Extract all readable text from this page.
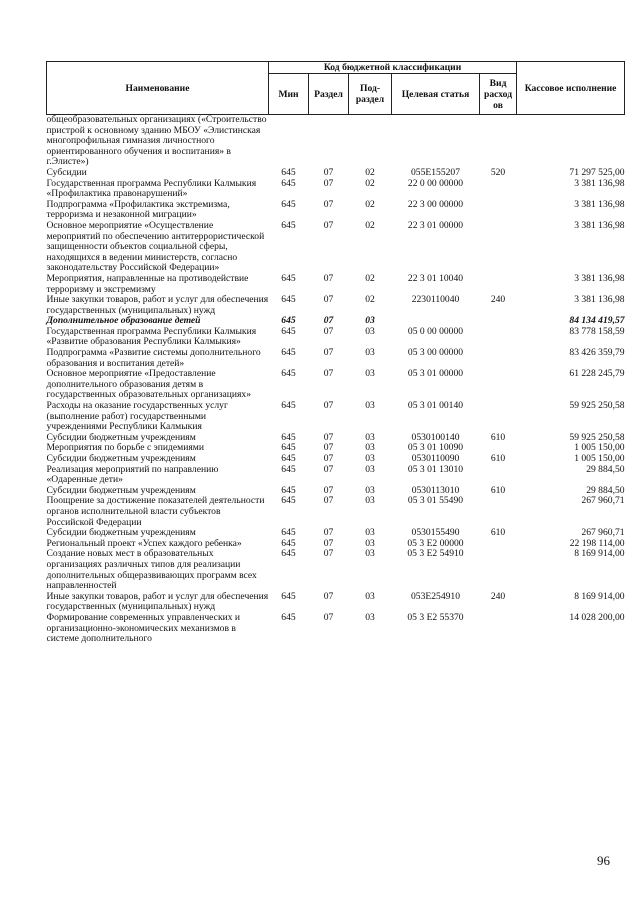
Наименование	Код бюджетной классификации					Кассовое исполнение
	Мин	Раздел	Под-раздел	Целевая статья	Вид расход ов	
общеобразовательных организациях («Строительство пристрой к основному зданию МБОУ «Элистинская многопрофильная гимназия личностного ориентированного обучения и воспитания» в г.Элисте»)						
Субсидии	645	07	02	055Е155207	520	71 297 525,00
Государственная программа Республики Калмыкия «Профилактика правонарушений»	645	07	02	22 0 00 00000		3 381 136,98
Подпрограмма «Профилактика экстремизма, терроризма и незаконной миграции»	645	07	02	22 3 00 00000		3 381 136,98
Основное мероприятие «Осуществление мероприятий по обеспечению антитеррористической защищенности объектов социальной сферы, находящихся в ведении министерств, согласно законодательству Российской Федерации»	645	07	02	22 3 01 00000		3 381 136,98
Мероприятия, направленные на противодействие терроризму и экстремизму	645	07	02	22 3 01 10040		3 381 136,98
Иные закупки товаров, работ и услуг для обеспечения государственных (муниципальных) нужд	645	07	02	2230110040	240	3 381 136,98
Дополнительное образование детей	645	07	03			84 134 419,57
Государственная программа Республики Калмыкия «Развитие образования Республики Калмыкия»	645	07	03	05 0 00 00000		83 778 158,59
Подпрограмма «Развитие системы дополнительного образования и воспитания детей»	645	07	03	05 3 00 00000		83 426 359,79
Основное мероприятие «Предоставление дополнительного образования детям в государственных образовательных организациях»	645	07	03	05 3 01 00000		61 228 245,79
Расходы на оказание государственных услуг (выполнение работ) государственными учреждениями Республики Калмыкия	645	07	03	05 3 01 00140		59 925 250,58
Субсидии бюджетным учреждениям	645	07	03	0530100140	610	59 925 250,58
Мероприятия по борьбе с эпидемиями	645	07	03	05 3 01 10090		1 005 150,00
Субсидии бюджетным учреждениям	645	07	03	0530110090	610	1 005 150,00
Реализация мероприятий по направлению «Одаренные дети»	645	07	03	05 3 01 13010		29 884,50
Субсидии бюджетным учреждениям	645	07	03	0530113010	610	29 884,50
Поощрение за достижение показателей деятельности органов исполнительной власти субъектов Российской Федерации	645	07	03	05 3 01 55490		267 960,71
Субсидии бюджетным учреждениям	645	07	03	0530155490	610	267 960,71
Региональный проект «Успех каждого ребенка»	645	07	03	05 3 Е2 00000		22 198 114,00
Создание новых мест в образовательных организациях различных типов для реализации дополнительных общеразвивающих программ всех направленностей	645	07	03	05 3 Е2 54910		8 169 914,00
Иные закупки товаров, работ и услуг для обеспечения государственных (муниципальных) нужд	645	07	03	053Е254910	240	8 169 914,00
Формирование современных управленческих и организационно-экономических механизмов в системе дополнительного	645	07	03	05 3 Е2 55370		14 028 200,00
96
